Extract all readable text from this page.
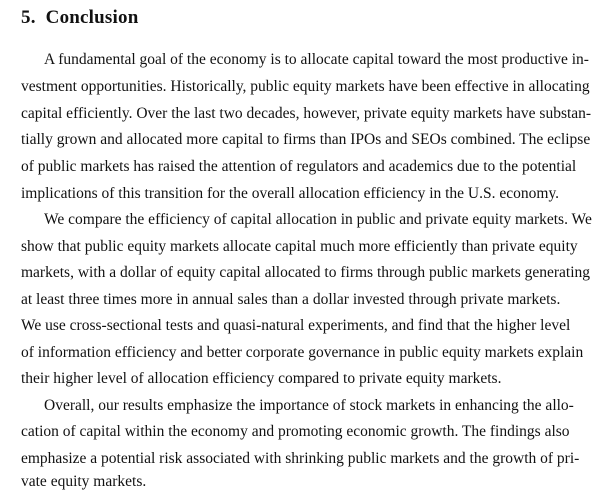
5. Conclusion
A fundamental goal of the economy is to allocate capital toward the most productive in-
vestment opportunities. Historically, public equity markets have been effective in allocating
capital efficiently. Over the last two decades, however, private equity markets have substan-
tially grown and allocated more capital to firms than IPOs and SEOs combined. The eclipse
of public markets has raised the attention of regulators and academics due to the potential
implications of this transition for the overall allocation efficiency in the U.S. economy.
We compare the efficiency of capital allocation in public and private equity markets. We
show that public equity markets allocate capital much more efficiently than private equity
markets, with a dollar of equity capital allocated to firms through public markets generating
at least three times more in annual sales than a dollar invested through private markets.
We use cross-sectional tests and quasi-natural experiments, and find that the higher level
of information efficiency and better corporate governance in public equity markets explain
their higher level of allocation efficiency compared to private equity markets.
Overall, our results emphasize the importance of stock markets in enhancing the allo-
cation of capital within the economy and promoting economic growth. The findings also
emphasize a potential risk associated with shrinking public markets and the growth of pri-
vate equity markets.
